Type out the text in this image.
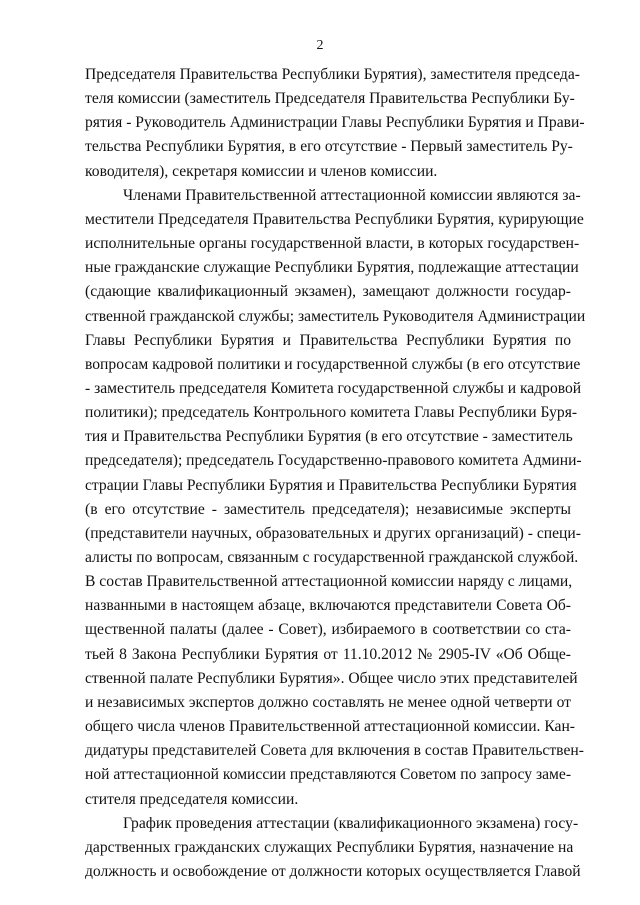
2
Председателя Правительства Республики Бурятия), заместителя председа-
теля комиссии (заместитель Председателя Правительства Республики Бу-
рятия - Руководитель Администрации Главы Республики Бурятия и Прави-
тельства Республики Бурятия, в его отсутствие - Первый заместитель Ру-
ководителя), секретаря комиссии и членов комиссии.
Членами Правительственной аттестационной комиссии являются за-
местители Председателя Правительства Республики Бурятия, курирующие
исполнительные органы государственной власти, в которых государствен-
ные гражданские служащие Республики Бурятия, подлежащие аттестации
(сдающие квалификационный экзамен), замещают должности государ-
ственной гражданской службы; заместитель Руководителя Администрации
Главы Республики Бурятия и Правительства Республики Бурятия по
вопросам кадровой политики и государственной службы (в его отсутствие
- заместитель председателя Комитета государственной службы и кадровой
политики); председатель Контрольного комитета Главы Республики Буря-
тия и Правительства Республики Бурятия (в его отсутствие - заместитель
председателя); председатель Государственно-правового комитета Админи-
страции Главы Республики Бурятия и Правительства Республики Бурятия
(в его отсутствие - заместитель председателя); независимые эксперты
(представители научных, образовательных и других организаций) - специ-
алисты по вопросам, связанным с государственной гражданской службой.
В состав Правительственной аттестационной комиссии наряду с лицами,
названными в настоящем абзаце, включаются представители Совета Об-
щественной палаты (далее - Совет), избираемого в соответствии со ста-
тьей 8 Закона Республики Бурятия от 11.10.2012 № 2905-IV «Об Обще-
ственной палате Республики Бурятия». Общее число этих представителей
и независимых экспертов должно составлять не менее одной четверти от
общего числа членов Правительственной аттестационной комиссии. Кан-
дидатуры представителей Совета для включения в состав Правительствен-
ной аттестационной комиссии представляются Советом по запросу заме-
стителя председателя комиссии.
График проведения аттестации (квалификационного экзамена) госу-
дарственных гражданских служащих Республики Бурятия, назначение на
должность и освобождение от должности которых осуществляется Главой
